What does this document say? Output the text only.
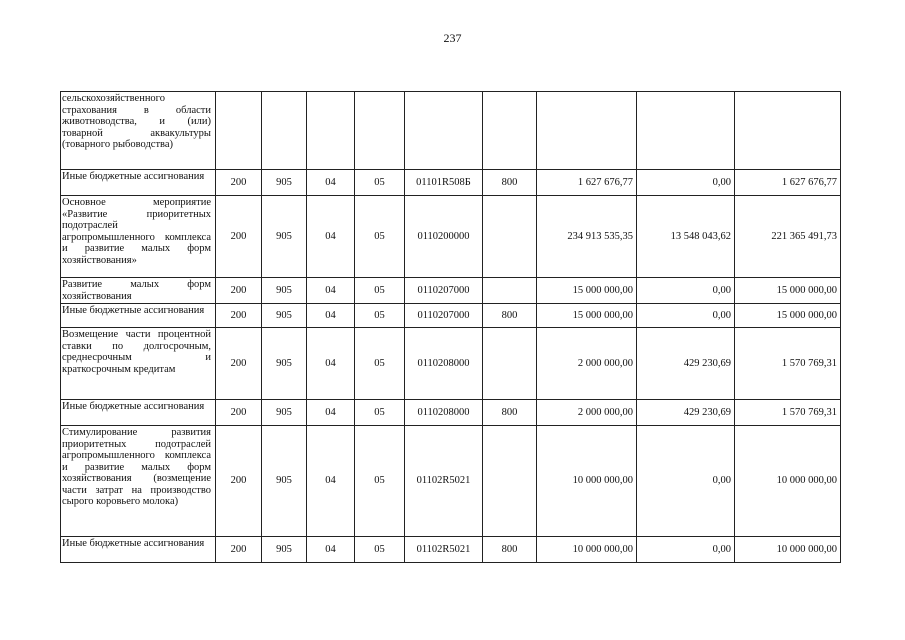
237
сельскохозяйственного страхования в области животноводства, и (или) товарной аквакультуры (товарного рыбоводства)									
Иные бюджетные ассигнования	200	905	04	05	01101R508Б	800	1 627 676,77	0,00	1 627 676,77
Основное мероприятие «Развитие приоритетных подотраслей агропромышленного комплекса и развитие малых форм хозяйствования»	200	905	04	05	0110200000		234 913 535,35	13 548 043,62	221 365 491,73
Развитие малых форм хозяйствования	200	905	04	05	0110207000		15 000 000,00	0,00	15 000 000,00
Иные бюджетные ассигнования	200	905	04	05	0110207000	800	15 000 000,00	0,00	15 000 000,00
Возмещение части процентной ставки по долгосрочным, среднесрочным и краткосрочным кредитам	200	905	04	05	0110208000		2 000 000,00	429 230,69	1 570 769,31
Иные бюджетные ассигнования	200	905	04	05	0110208000	800	2 000 000,00	429 230,69	1 570 769,31
Стимулирование развития приоритетных подотраслей агропромышленного комплекса и развитие малых форм хозяйствования (возмещение части затрат на производство сырого коровьего молока)	200	905	04	05	01102R5021		10 000 000,00	0,00	10 000 000,00
Иные бюджетные ассигнования	200	905	04	05	01102R5021	800	10 000 000,00	0,00	10 000 000,00
